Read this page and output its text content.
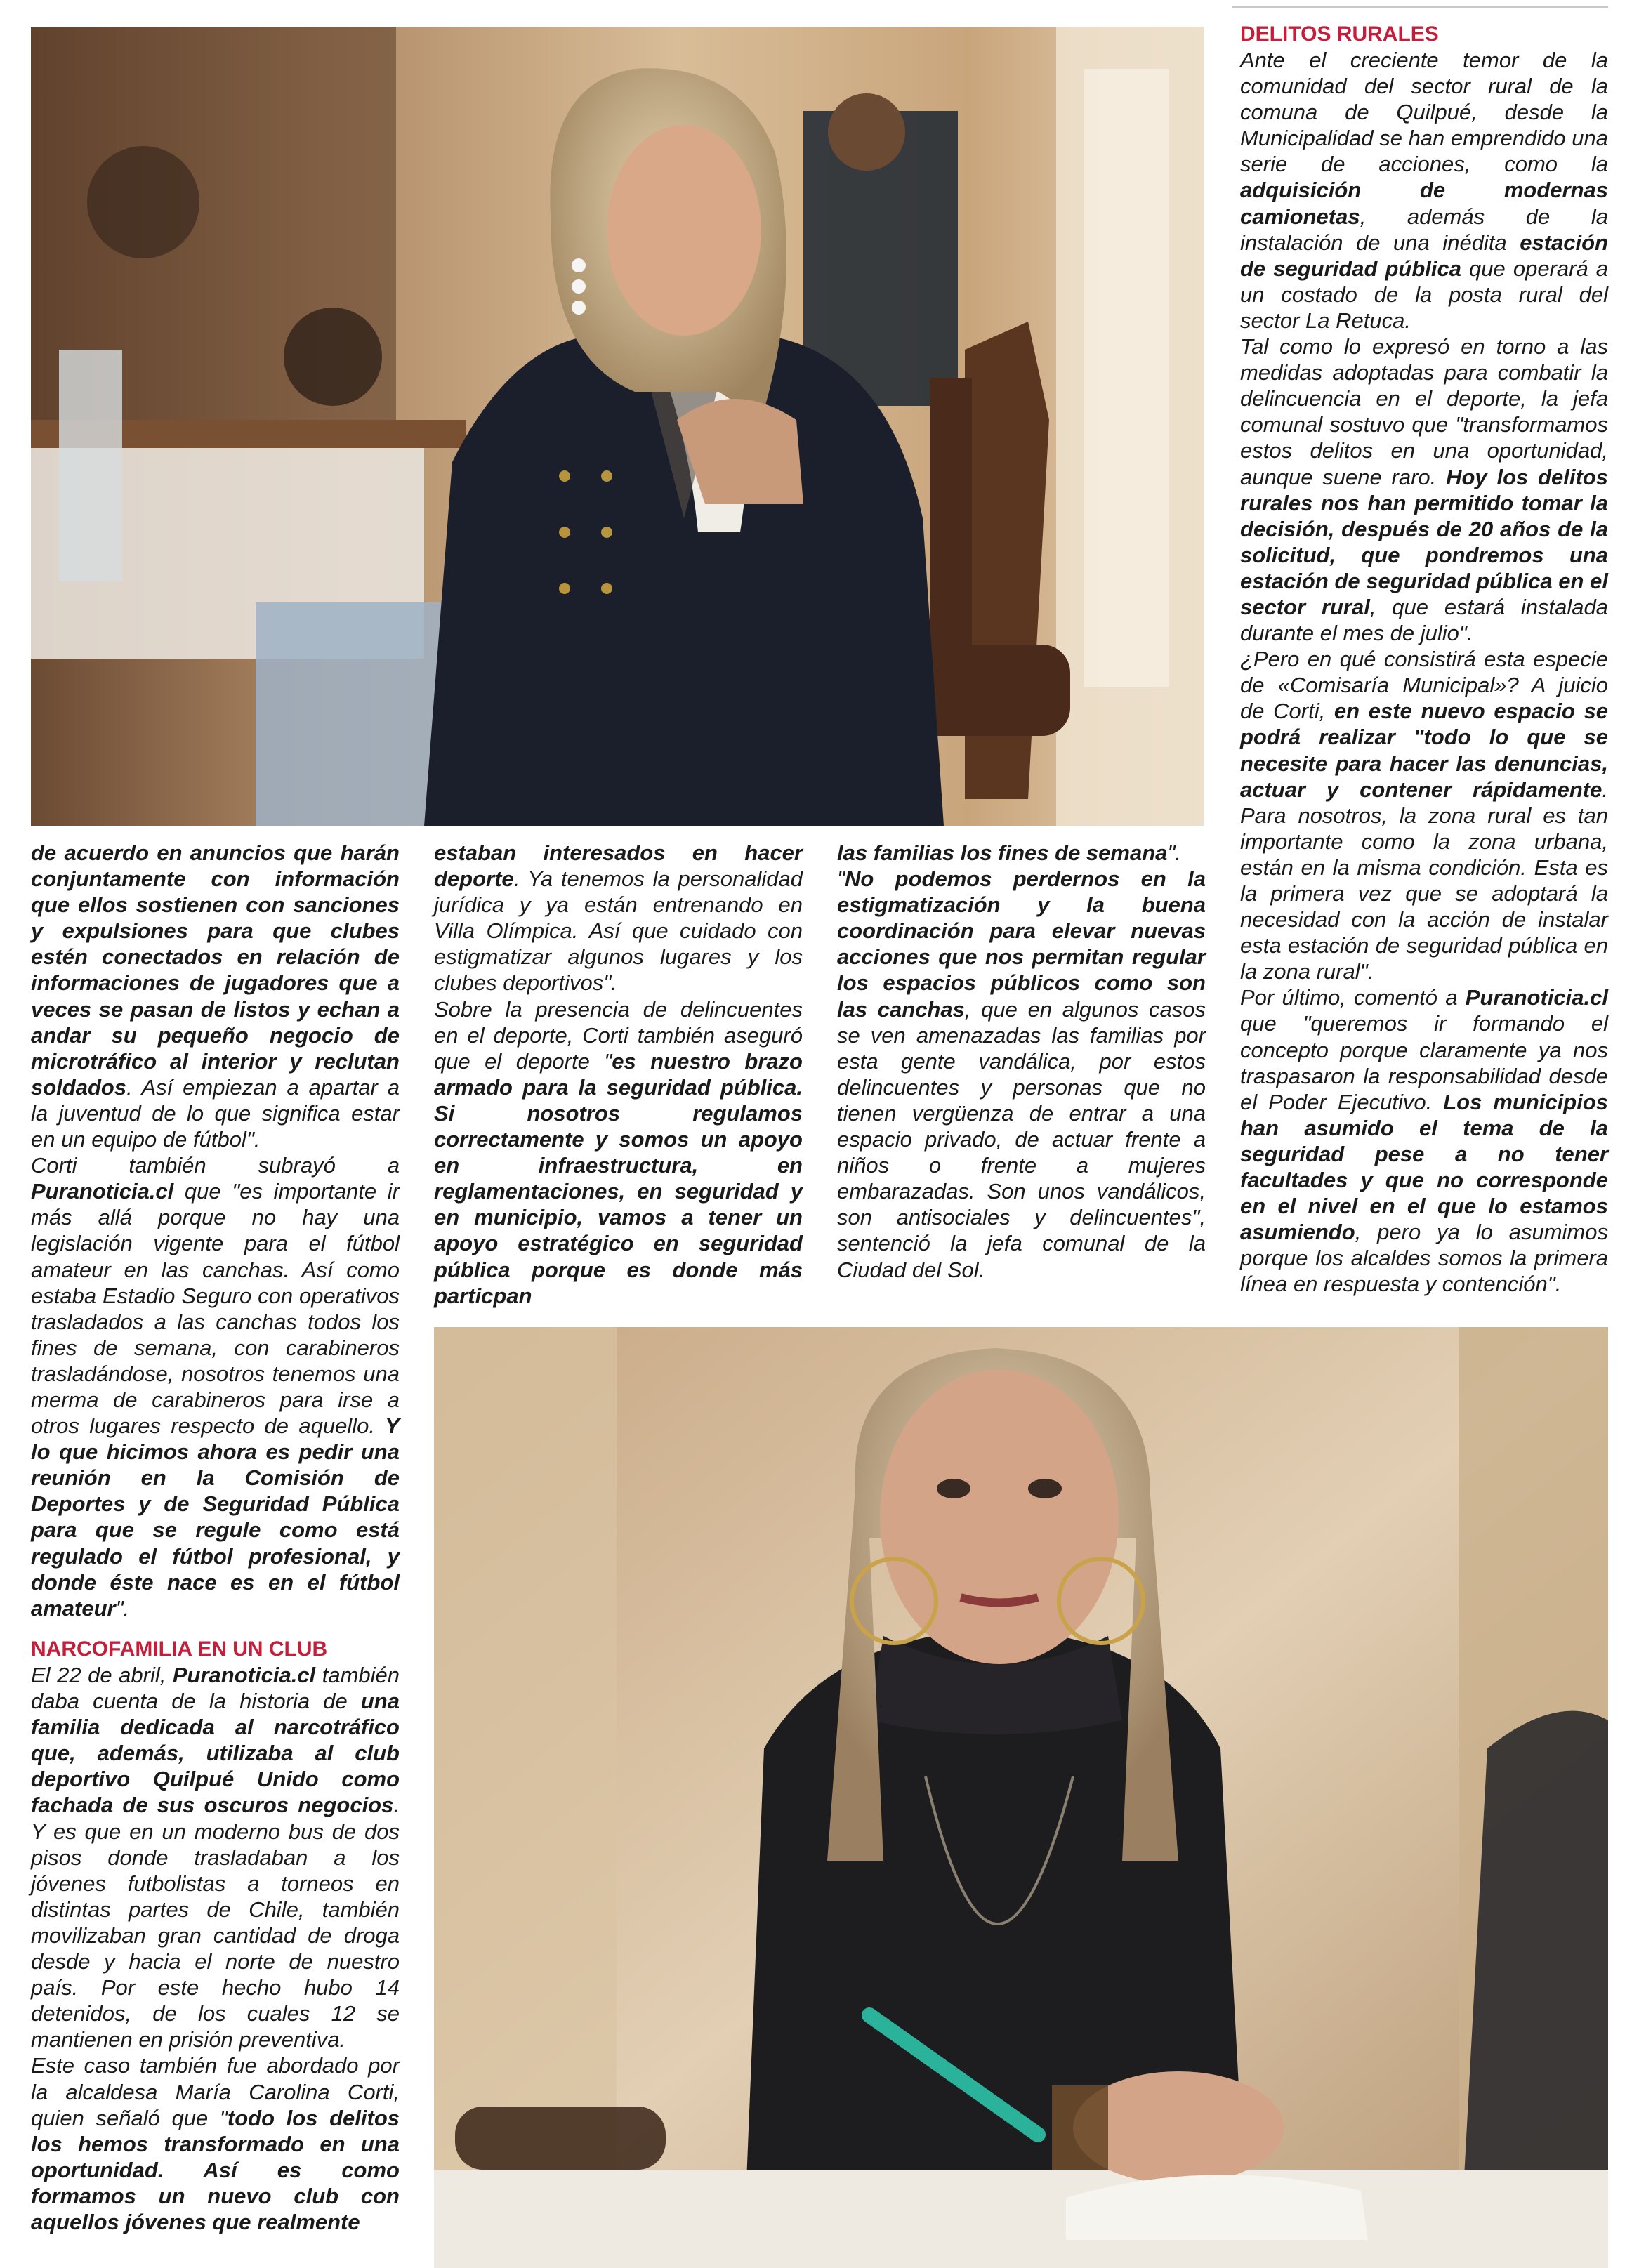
de acuerdo en anuncios que harán conjuntamente con información que ellos sostienen con sanciones y expulsiones para que clubes estén conectados en relación de informaciones de jugadores que a veces se pasan de listos y echan a andar su pequeño negocio de microtráfico al interior y reclutan soldados. Así empiezan a apartar a la juventud de lo que significa estar en un equipo de fútbol".

Corti también subrayó a Puranoticia.cl que "es importante ir más allá porque no hay una legislación vigente para el fútbol amateur en las canchas. Así como estaba Estadio Seguro con operativos trasladados a las canchas todos los fines de semana, con carabineros trasladándose, nosotros tenemos una merma de carabineros para irse a otros lugares respecto de aquello. Y lo que hicimos ahora es pedir una reunión en la Comisión de Deportes y de Seguridad Pública para que se regule como está regulado el fútbol profesional, y donde éste nace es en el fútbol amateur".

NARCOFAMILIA EN UN CLUB

El 22 de abril, Puranoticia.cl también daba cuenta de la historia de una familia dedicada al narcotráfico que, además, utilizaba al club deportivo Quilpué Unido como fachada de sus oscuros negocios. Y es que en un moderno bus de dos pisos donde trasladaban a los jóvenes futbolistas a torneos en distintas partes de Chile, también movilizaban gran cantidad de droga desde y hacia el norte de nuestro país. Por este hecho hubo 14 detenidos, de los cuales 12 se mantienen en prisión preventiva.

Este caso también fue abordado por la alcaldesa María Carolina Corti, quien señaló que "todo los delitos los hemos transformado en una oportunidad. Así es como formamos un nuevo club con aquellos jóvenes que realmente

estaban interesados en hacer deporte. Ya tenemos la personalidad jurídica y ya están entrenando en Villa Olímpica. Así que cuidado con estigmatizar algunos lugares y los clubes deportivos".

Sobre la presencia de delincuentes en el deporte, Corti también aseguró que el deporte "es nuestro brazo armado para la seguridad pública. Si nosotros regulamos correctamente y somos un apoyo en infraestructura, en reglamentaciones, en seguridad y en municipio, vamos a tener un apoyo estratégico en seguridad pública porque es donde más particpan

las familias los fines de semana".

"No podemos perdernos en la estigmatización y la buena coordinación para elevar nuevas acciones que nos permitan regular los espacios públicos como son las canchas, que en algunos casos se ven amenazadas las familias por esta gente vandálica, por estos delincuentes y personas que no tienen vergüenza de entrar a una espacio privado, de actuar frente a niños o frente a mujeres embarazadas. Son unos vandálicos, son antisociales y delincuentes", sentenció la jefa comunal de la Ciudad del Sol.

DELITOS RURALES

Ante el creciente temor de la comunidad del sector rural de la comuna de Quilpué, desde la Municipalidad se han emprendido una serie de acciones, como la adquisición de modernas camionetas, además de la instalación de una inédita estación de seguridad pública que operará a un costado de la posta rural del sector La Retuca.

Tal como lo expresó en torno a las medidas adoptadas para combatir la delincuencia en el deporte, la jefa comunal sostuvo que "transformamos estos delitos en una oportunidad, aunque suene raro. Hoy los delitos rurales nos han permitido tomar la decisión, después de 20 años de la solicitud, que pondremos una estación de seguridad pública en el sector rural, que estará instalada durante el mes de julio".

¿Pero en qué consistirá esta especie de «Comisaría Municipal»? A juicio de Corti, en este nuevo espacio se podrá realizar "todo lo que se necesite para hacer las denuncias, actuar y contener rápidamente. Para nosotros, la zona rural es tan importante como la zona urbana, están en la misma condición. Esta es la primera vez que se adoptará la necesidad con la acción de instalar esta estación de seguridad pública en la zona rural".

Por último, comentó a Puranoticia.cl que "queremos ir formando el concepto porque claramente ya nos traspasaron la responsabilidad desde el Poder Ejecutivo. Los municipios han asumido el tema de la seguridad pese a no tener facultades y que no corresponde en el nivel en el que lo estamos asumiendo, pero ya lo asumimos porque los alcaldes somos la primera línea en respuesta y contención".
